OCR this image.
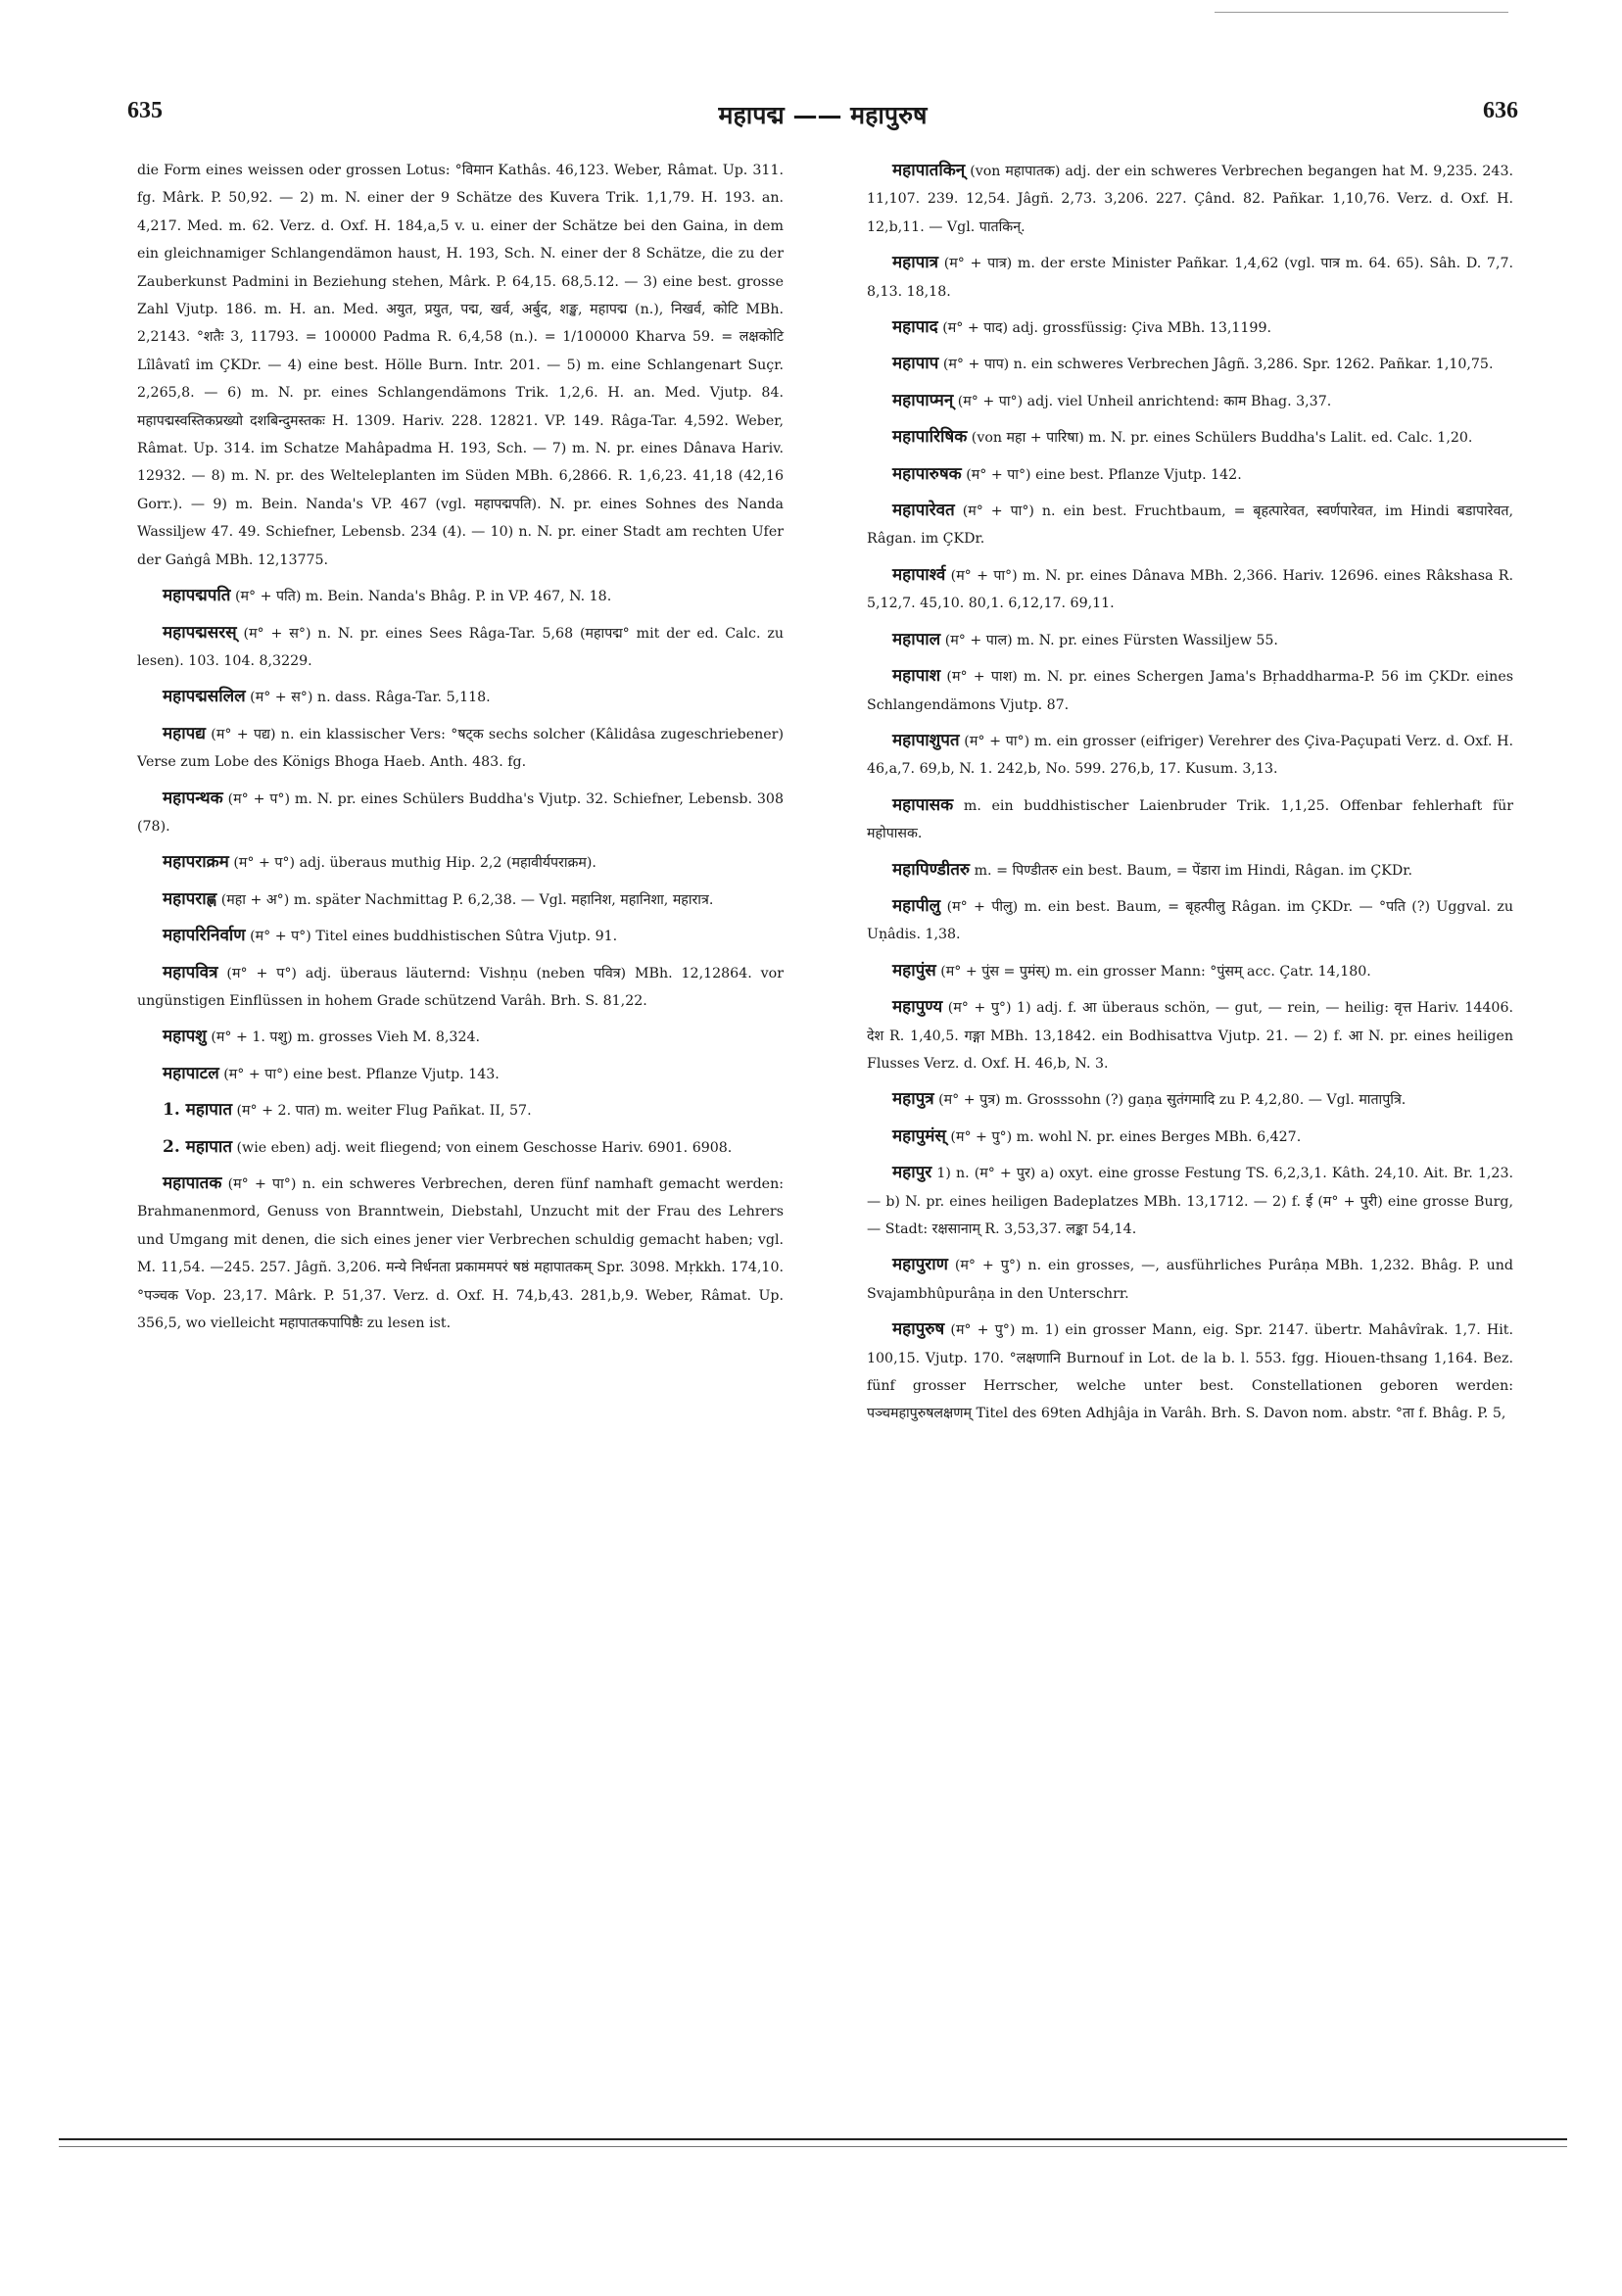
635	महापद्म —— महापुरुष	636

die Form eines weissen oder grossen Lotus: °विमान Kathâs. 46,123. Weber, Râmat. Up. 311. fg. Mârk. P. 50,92. — 2) m. N. einer der 9 Schätze des Kuvera Trik. 1,1,79. H. 193. an. 4,217. Med. m. 62. Verz. d. Oxf. H. 184,a,5 v. u. einer der Schätze bei den Gaina, in dem ein gleichnamiger Schlangendämon haust, H. 193, Sch. N. einer der 8 Schätze, die zu der Zauberkunst Padmini in Beziehung stehen, Mârk. P. 64,15. 68,5.12. — 3) eine best. grosse Zahl Vjutp. 186. m. H. an. Med. अयुत, प्रयुत, पद्म, खर्व, अर्बुद, शङ्ख, महापद्म (n.), निखर्व, कोटि MBh. 2,2143. °शतैः 3, 11793. = 100000 Padma R. 6,4,58 (n.). = 1/100000 Kharva 59. = लक्षकोटि Lîlâvatî im ÇKDr. — 4) eine best. Hölle Burn. Intr. 201. — 5) m. eine Schlangenart Suçr. 2,265,8. — 6) m. N. pr. eines Schlangendämons Trik. 1,2,6. H. an. Med. Vjutp. 84. महापद्मस्वस्तिकप्रख्यो दशबिन्दुमस्तकः H. 1309. Hariv. 228. 12821. VP. 149. Râga-Tar. 4,592. Weber, Râmat. Up. 314. im Schatze Mahâpadma H. 193, Sch. — 7) m. N. pr. eines Dânava Hariv. 12932. — 8) m. N. pr. des Welteleplanten im Süden MBh. 6,2866. R. 1,6,23. 41,18 (42,16 Gorr.). — 9) m. Bein. Nanda's VP. 467 (vgl. महापद्मपति). N. pr. eines Sohnes des Nanda Wassiljew 47. 49. Schiefner, Lebensb. 234 (4). — 10) n. N. pr. einer Stadt am rechten Ufer der Gaṅgâ MBh. 12,13775.

महापद्मपति (म° + पति) m. Bein. Nanda's Bhâg. P. in VP. 467, N. 18.

महापद्मसरस् (म° + स°) n. N. pr. eines Sees Râga-Tar. 5,68 (महापद्म° mit der ed. Calc. zu lesen). 103. 104. 8,3229.

महापद्मसलिल (म° + स°) n. dass. Râga-Tar. 5,118.

महापद्य (म° + पद्य) n. ein klassischer Vers: °षट्क sechs solcher (Kâlidâsa zugeschriebener) Verse zum Lobe des Königs Bhoga Haeb. Anth. 483. fg.

महापन्थक (म° + प°) m. N. pr. eines Schülers Buddha's Vjutp. 32. Schiefner, Lebensb. 308 (78).

महापराक्रम (म° + प°) adj. überaus muthig Hip. 2,2 (महावीर्यपराक्रम).

महापराह्ण (महा + अ°) m. später Nachmittag P. 6,2,38. — Vgl. महानिश, महानिशा, महारात्र.

महापरिनिर्वाण (म° + प°) Titel eines buddhistischen Sûtra Vjutp. 91.

महापवित्र (म° + प°) adj. überaus läuternd: Vishṇu (neben पवित्र) MBh. 12,12864. vor ungünstigen Einflüssen in hohem Grade schützend Varâh. Brh. S. 81,22.

महापशु (म° + 1. पशु) m. grosses Vieh M. 8,324.

महापाटल (म° + पा°) eine best. Pflanze Vjutp. 143.

1. महापात (म° + 2. पात) m. weiter Flug Pañkat. II, 57.

2. महापात (wie eben) adj. weit fliegend; von einem Geschosse Hariv. 6901. 6908.

महापातक (म° + पा°) n. ein schweres Verbrechen, deren fünf namhaft gemacht werden: Brahmanenmord, Genuss von Branntwein, Diebstahl, Unzucht mit der Frau des Lehrers und Umgang mit denen, die sich eines jener vier Verbrechen schuldig gemacht haben; vgl. M. 11,54. —245. 257. Jâgñ. 3,206. मन्ये निर्धनता प्रकाममपरं षष्ठं महापातकम् Spr. 3098. Mṛkkh. 174,10. °पञ्चक Vop. 23,17. Mârk. P. 51,37. Verz. d. Oxf. H. 74,b,43. 281,b,9. Weber, Râmat. Up. 356,5, wo vielleicht महापातकपापिष्ठैः zu lesen ist.

महापातकिन् (von महापातक) adj. der ein schweres Verbrechen begangen hat M. 9,235. 243. 11,107. 239. 12,54. Jâgñ. 2,73. 3,206. 227. Çând. 82. Pañkar. 1,10,76. Verz. d. Oxf. H. 12,b,11. — Vgl. पातकिन्.

महापात्र (म° + पात्र) m. der erste Minister Pañkar. 1,4,62 (vgl. पात्र m. 64. 65). Sâh. D. 7,7. 8,13. 18,18.

महापाद (म° + पाद) adj. grossfüssig: Çiva MBh. 13,1199.

महापाप (म° + पाप) n. ein schweres Verbrechen Jâgñ. 3,286. Spr. 1262. Pañkar. 1,10,75.

महापाप्मन् (म° + पा°) adj. viel Unheil anrichtend: काम Bhag. 3,37.

महापारिषिक (von महा + पारिषा) m. N. pr. eines Schülers Buddha's Lalit. ed. Calc. 1,20.

महापारुषक (म° + पा°) eine best. Pflanze Vjutp. 142.

महापारेवत (म° + पा°) n. ein best. Fruchtbaum, = बृहत्पारेवत, स्वर्णपारेवत, im Hindi बडापारेवत, Râgan. im ÇKDr.

महापार्श्व (म° + पा°) m. N. pr. eines Dânava MBh. 2,366. Hariv. 12696. eines Râkshasa R. 5,12,7. 45,10. 80,1. 6,12,17. 69,11.

महापाल (म° + पाल) m. N. pr. eines Fürsten Wassiljew 55.

महापाश (म° + पाश) m. N. pr. eines Schergen Jama's Bṛhaddharma-P. 56 im ÇKDr. eines Schlangendämons Vjutp. 87.

महापाशुपत (म° + पा°) m. ein grosser (eifriger) Verehrer des Çiva-Paçupati Verz. d. Oxf. H. 46,a,7. 69,b, N. 1. 242,b, No. 599. 276,b, 17. Kusum. 3,13.

महापासक m. ein buddhistischer Laienbruder Trik. 1,1,25. Offenbar fehlerhaft für महोपासक.

महापिण्डीतरु m. = पिण्डीतरु ein best. Baum, = पेंडारा im Hindi, Râgan. im ÇKDr.

महापीलु (म° + पीलु) m. ein best. Baum, = बृहत्पीलु Râgan. im ÇKDr. — °पति (?) Uggval. zu Uṇâdis. 1,38.

महापुंस (म° + पुंस = पुमंस्) m. ein grosser Mann: °पुंसम् acc. Çatr. 14,180.

महापुण्य (म° + पु°) 1) adj. f. आ überaus schön, — gut, — rein, — heilig: वृत्त Hariv. 14406. देश R. 1,40,5. गङ्गा MBh. 13,1842. ein Bodhisattva Vjutp. 21. — 2) f. आ N. pr. eines heiligen Flusses Verz. d. Oxf. H. 46,b, N. 3.

महापुत्र (म° + पुत्र) m. Grosssohn (?) gaṇa सुतंगमादि zu P. 4,2,80. — Vgl. मातापुत्रि.

महापुमंस् (म° + पु°) m. wohl N. pr. eines Berges MBh. 6,427.

महापुर 1) n. (म° + पुर) a) oxyt. eine grosse Festung TS. 6,2,3,1. Kâth. 24,10. Ait. Br. 1,23. — b) N. pr. eines heiligen Badeplatzes MBh. 13,1712. — 2) f. ई (म° + पुरी) eine grosse Burg, — Stadt: रक्षसानाम् R. 3,53,37. लङ्का 54,14.

महापुराण (म° + पु°) n. ein grosses, —, ausführliches Purâṇa MBh. 1,232. Bhâg. P. und Svajambhûpurâṇa in den Unterschrr.

महापुरुष (म° + पु°) m. 1) ein grosser Mann, eig. Spr. 2147. übertr. Mahâvîrak. 1,7. Hit. 100,15. Vjutp. 170. °लक्षणानि Burnouf in Lot. de la b. l. 553. fgg. Hiouen-thsang 1,164. Bez. fünf grosser Herrscher, welche unter best. Constellationen geboren werden: पञ्चमहापुरुषलक्षणम् Titel des 69ten Adhjâja in Varâh. Brh. S. Davon nom. abstr. °ता f. Bhâg. P. 5,
